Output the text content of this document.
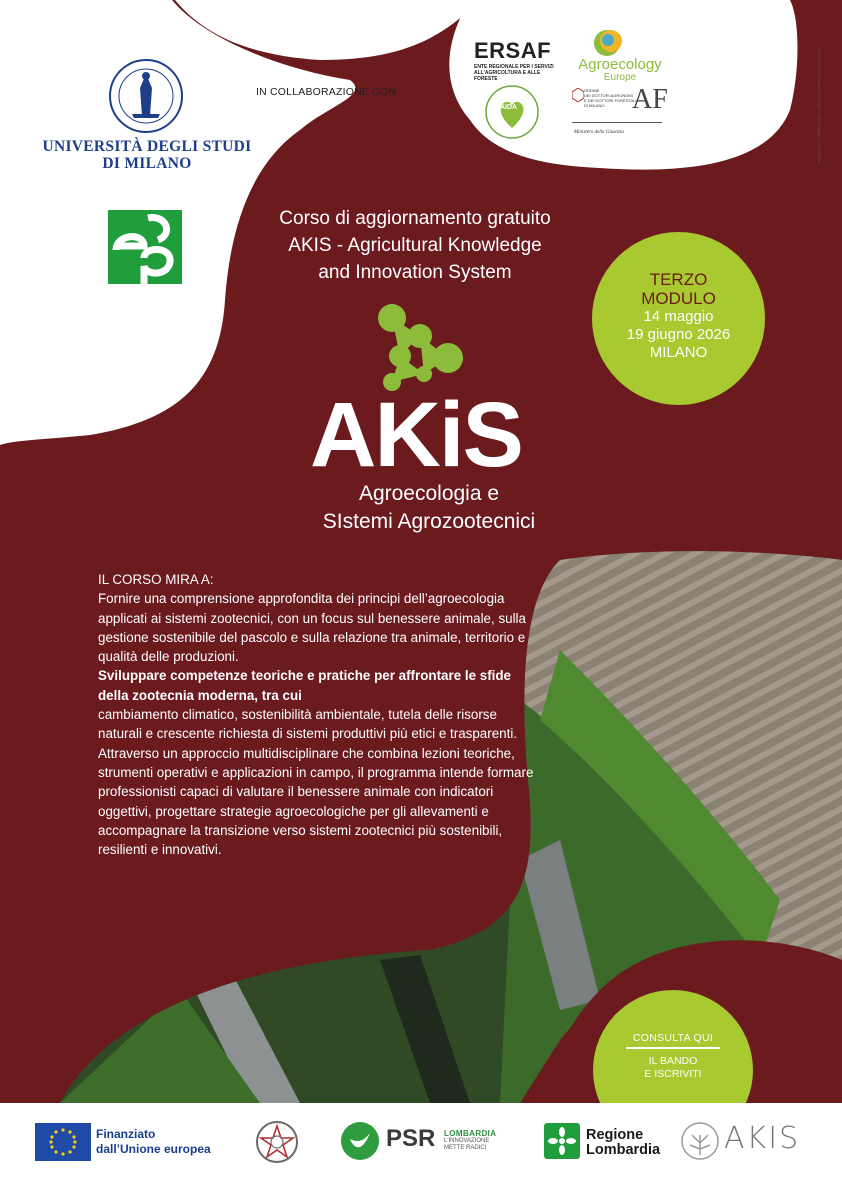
UNIVERSITÀ DEGLI STUDI
DI MILANO
IN COLLABORAZIONE CON
ERSAF
ENTE REGIONALE PER I SERVIZI
ALL'AGRICOLTURA E ALLE FORESTE
Agroecology
Europe
AIDA
ORDINE
DEI DOTTORI AGRONOMI
E DEI DOTTORI FORESTALI
DI MILANO AF
Ministero della Giustizia	Grafica: Remo Marangon per Ergaf - Photofilograph - BD/Metallo
Corso di aggiornamento gratuito
AKIS - Agricultural Knowledge
and Innovation System
AKiS
Agroecologia e
SIstemi Agrozootecnici
TERZO
MODULO
14 maggio
19 giugno 2026
MILANO

IL CORSO MIRA A:

Fornire una comprensione approfondita dei principi dell’agroecologia applicati ai sistemi zootecnici, con un focus sul benessere animale, sulla gestione sostenibile del pascolo e sulla relazione tra animale, territorio e qualità delle produzioni.

Sviluppare competenze teoriche e pratiche per affrontare le sfide della zootecnia moderna, tra cui

cambiamento climatico, sostenibilità ambientale, tutela delle risorse naturali e crescente richiesta di sistemi produttivi più etici e trasparenti.

Attraverso un approccio multidisciplinare che combina lezioni teoriche, strumenti operativi e applicazioni in campo, il programma intende formare professionisti capaci di valutare il benessere animale con indicatori oggettivi, progettare strategie agroecologiche per gli allevamenti e accompagnare la transizione verso sistemi zootecnici più sostenibili, resilienti e innovativi.

CONSULTA QUI
IL BANDO
E ISCRIVITI
Finanziato
dall’Unione europea	PSR LOMBARDIA
L'INNOVAZIONE
METTE RADICI
Regione
Lombardia AKIS
